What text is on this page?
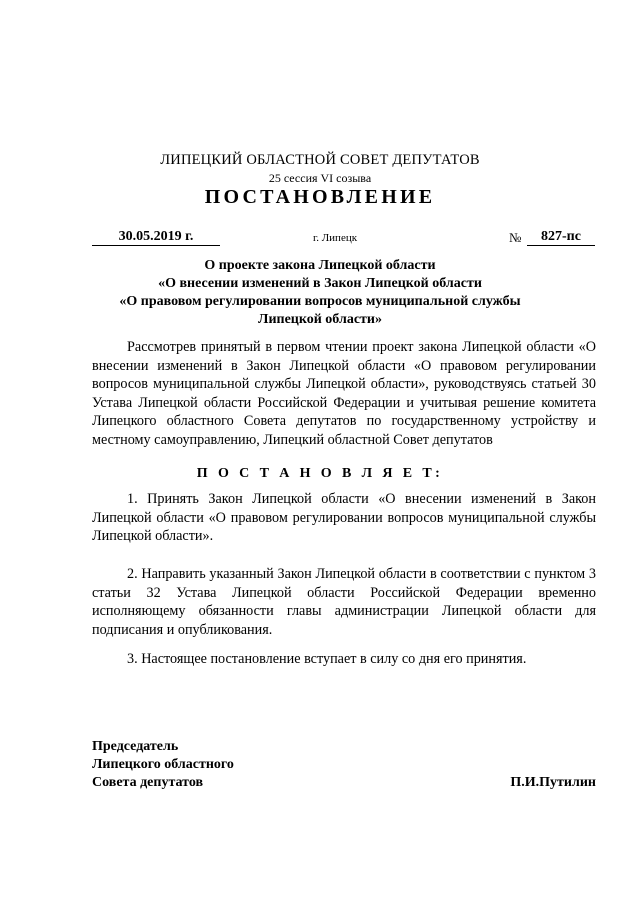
ЛИПЕЦКИЙ ОБЛАСТНОЙ СОВЕТ ДЕПУТАТОВ
25 сессия VI созыва
ПОСТАНОВЛЕНИЕ
30.05.2019 г.	г. Липецк	№	827-пс
О проекте закона Липецкой области
«О внесении изменений в Закон Липецкой области
«О правовом регулировании вопросов муниципальной службы
Липецкой области»
Рассмотрев принятый в первом чтении проект закона Липецкой области «О внесении изменений в Закон Липецкой области «О правовом регулировании вопросов муниципальной службы Липецкой области», руководствуясь статьей 30 Устава Липецкой области Российской Федерации и учитывая решение комитета Липецкого областного Совета депутатов по государственному устройству и местному самоуправлению, Липецкий областной Совет депутатов
П О С Т А Н О В Л Я Е Т:
1. Принять Закон Липецкой области «О внесении изменений в Закон Липецкой области «О правовом регулировании вопросов муниципальной службы Липецкой области».
2. Направить указанный Закон Липецкой области в соответствии с пунктом 3 статьи 32 Устава Липецкой области Российской Федерации временно исполняющему обязанности главы администрации Липецкой области для подписания и опубликования.
3. Настоящее постановление вступает в силу со дня его принятия.
Председатель
Липецкого областного
Совета депутатов	П.И.Путилин
